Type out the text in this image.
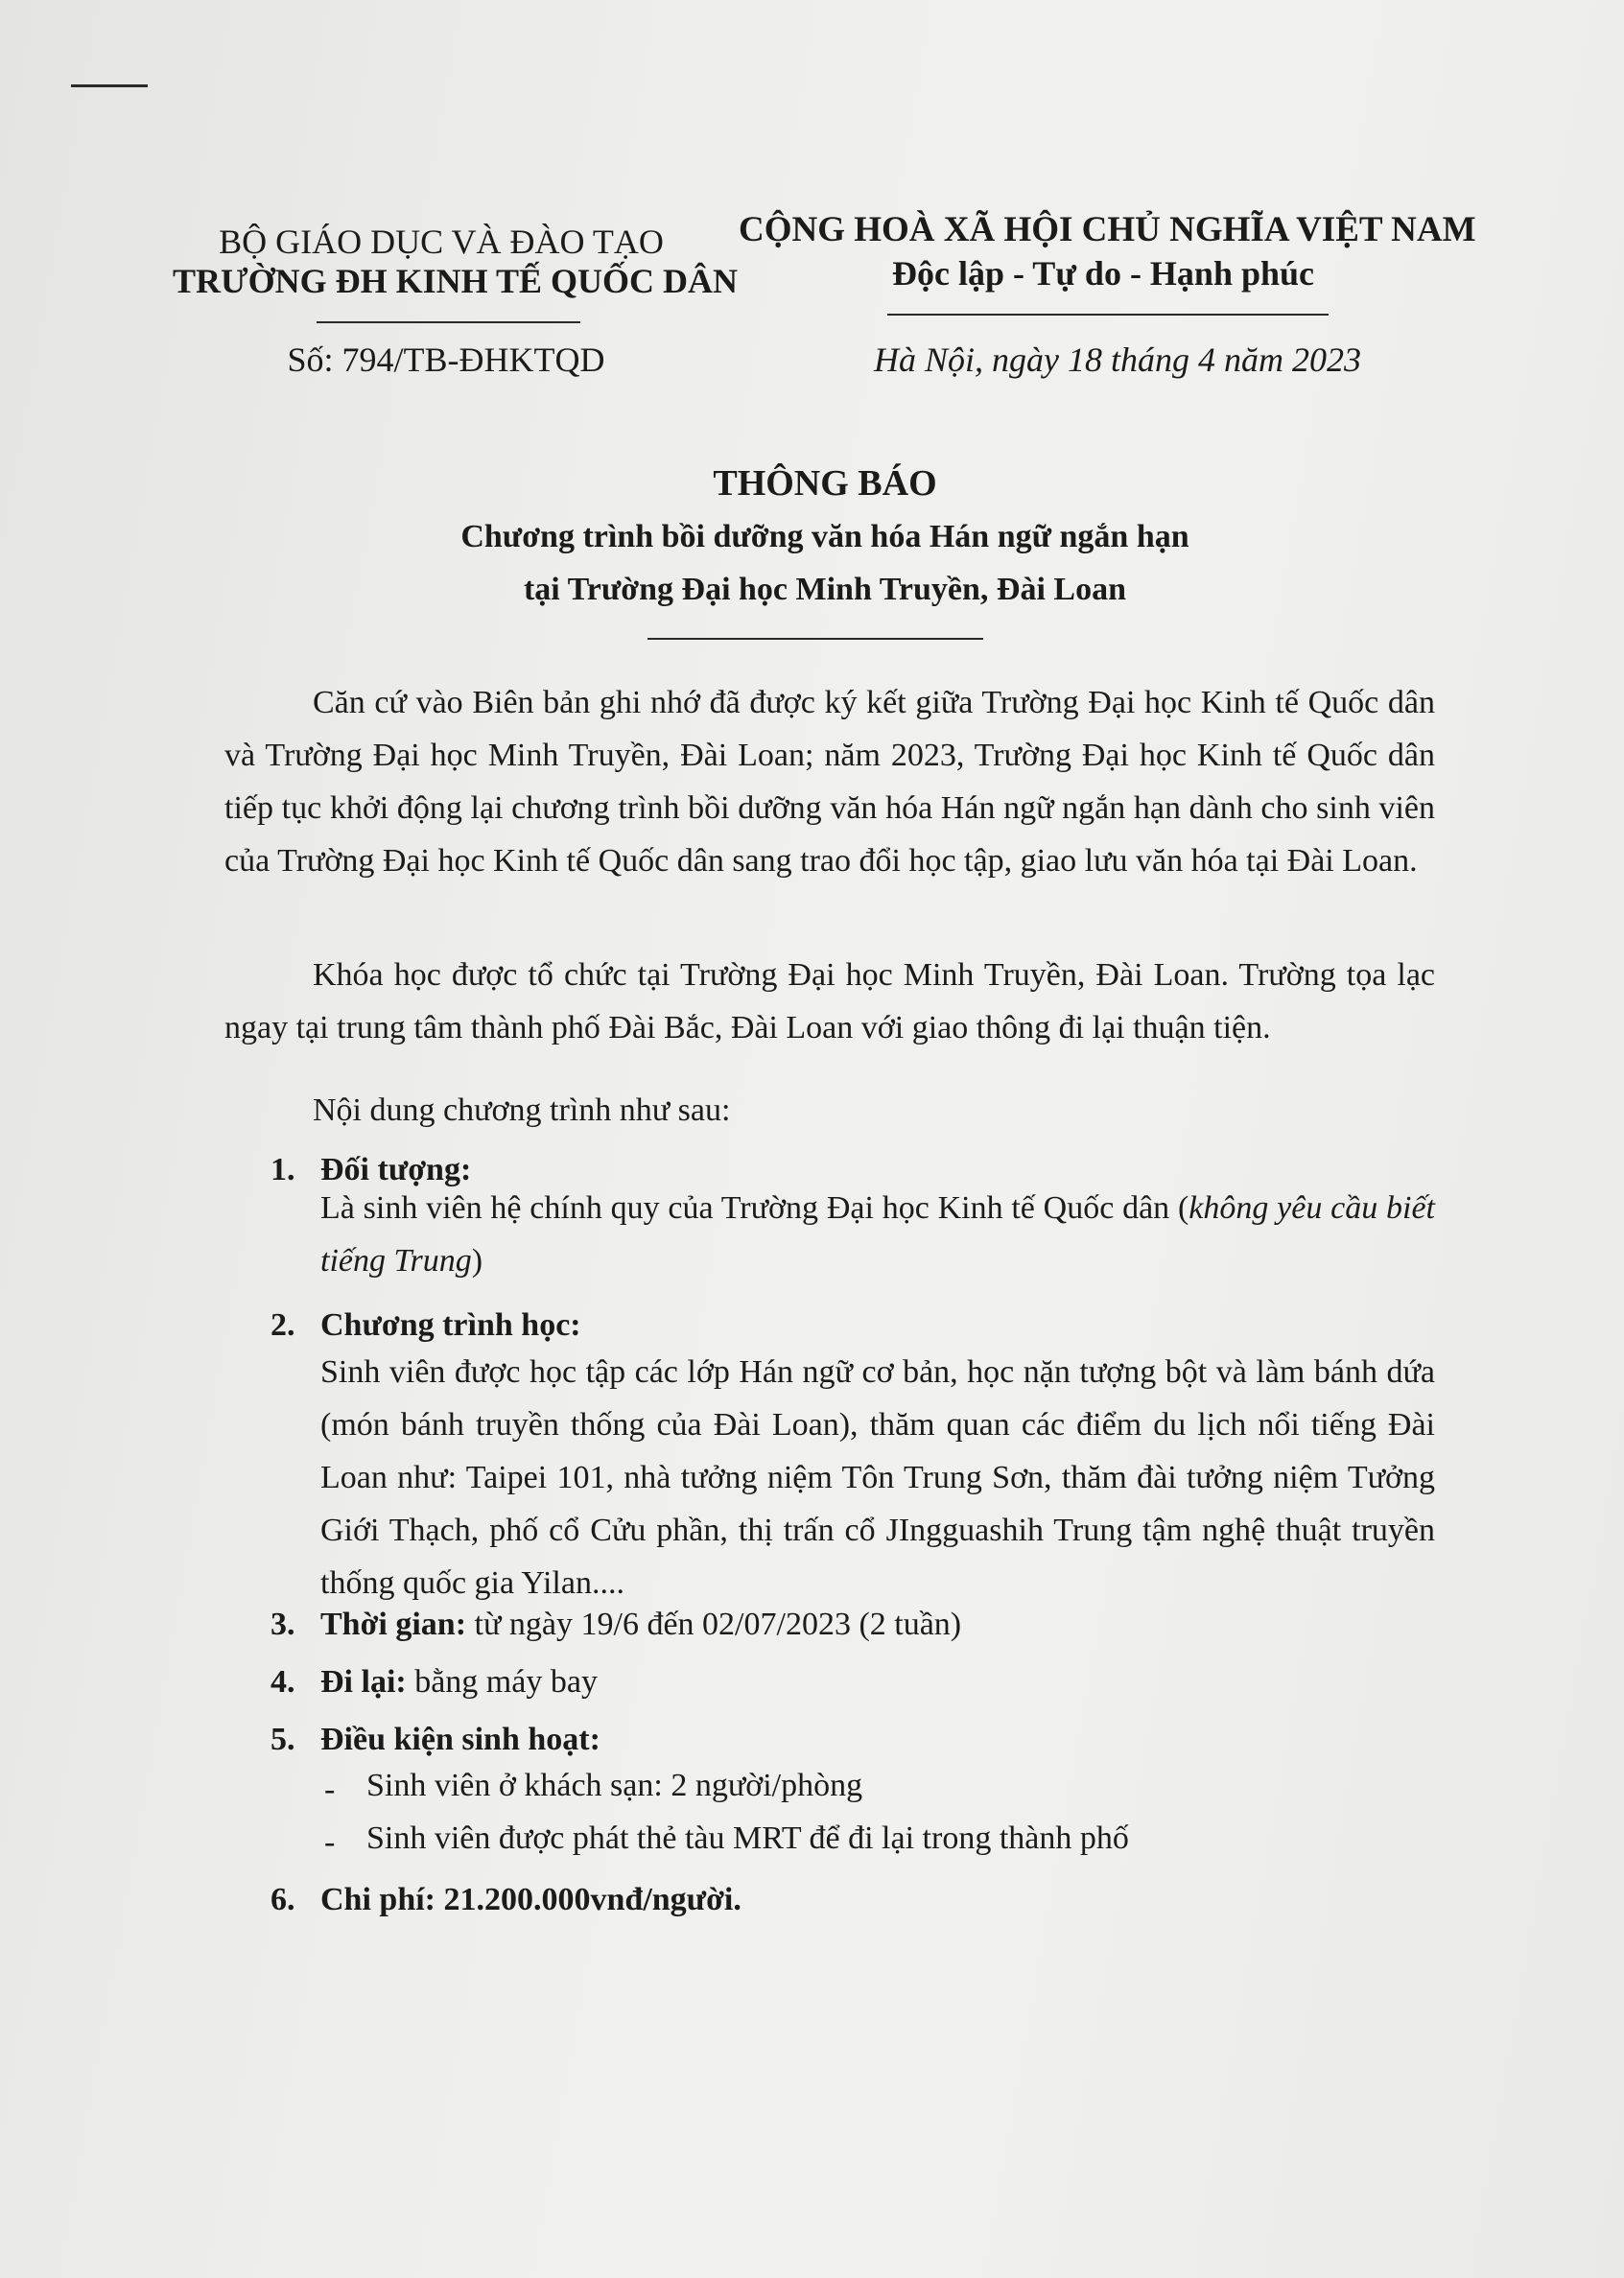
BỘ GIÁO DỤC VÀ ĐÀO TẠO
TRƯỜNG ĐH KINH TẾ QUỐC DÂN
Số: 794/TB-ĐHKTQD
CỘNG HOÀ XÃ HỘI CHỦ NGHĨA VIỆT NAM
Độc lập - Tự do - Hạnh phúc
Hà Nội, ngày 18 tháng 4 năm 2023
THÔNG BÁO
Chương trình bồi dưỡng văn hóa Hán ngữ ngắn hạn
tại Trường Đại học Minh Truyền, Đài Loan
Căn cứ vào Biên bản ghi nhớ đã được ký kết giữa Trường Đại học Kinh tế Quốc dân và Trường Đại học Minh Truyền, Đài Loan; năm 2023, Trường Đại học Kinh tế Quốc dân tiếp tục khởi động lại chương trình bồi dưỡng văn hóa Hán ngữ ngắn hạn dành cho sinh viên của Trường Đại học Kinh tế Quốc dân sang trao đổi học tập, giao lưu văn hóa tại Đài Loan.
Khóa học được tổ chức tại Trường Đại học Minh Truyền, Đài Loan. Trường tọa lạc ngay tại trung tâm thành phố Đài Bắc, Đài Loan với giao thông đi lại thuận tiện.
Nội dung chương trình như sau:
1. Đối tượng:
Là sinh viên hệ chính quy của Trường Đại học Kinh tế Quốc dân (không yêu cầu biết tiếng Trung)
2. Chương trình học:
Sinh viên được học tập các lớp Hán ngữ cơ bản, học nặn tượng bột và làm bánh dứa (món bánh truyền thống của Đài Loan), thăm quan các điểm du lịch nổi tiếng Đài Loan như: Taipei 101, nhà tưởng niệm Tôn Trung Sơn, thăm đài tưởng niệm Tưởng Giới Thạch, phố cổ Cửu phần, thị trấn cổ JIngguashih Trung tậm nghệ thuật truyền thống quốc gia Yilan....
3. Thời gian: từ ngày 19/6 đến 02/07/2023 (2 tuần)
4. Đi lại: bằng máy bay
5. Điều kiện sinh hoạt:
- Sinh viên ở khách sạn: 2 người/phòng
- Sinh viên được phát thẻ tàu MRT để đi lại trong thành phố
6. Chi phí: 21.200.000vnđ/người.
